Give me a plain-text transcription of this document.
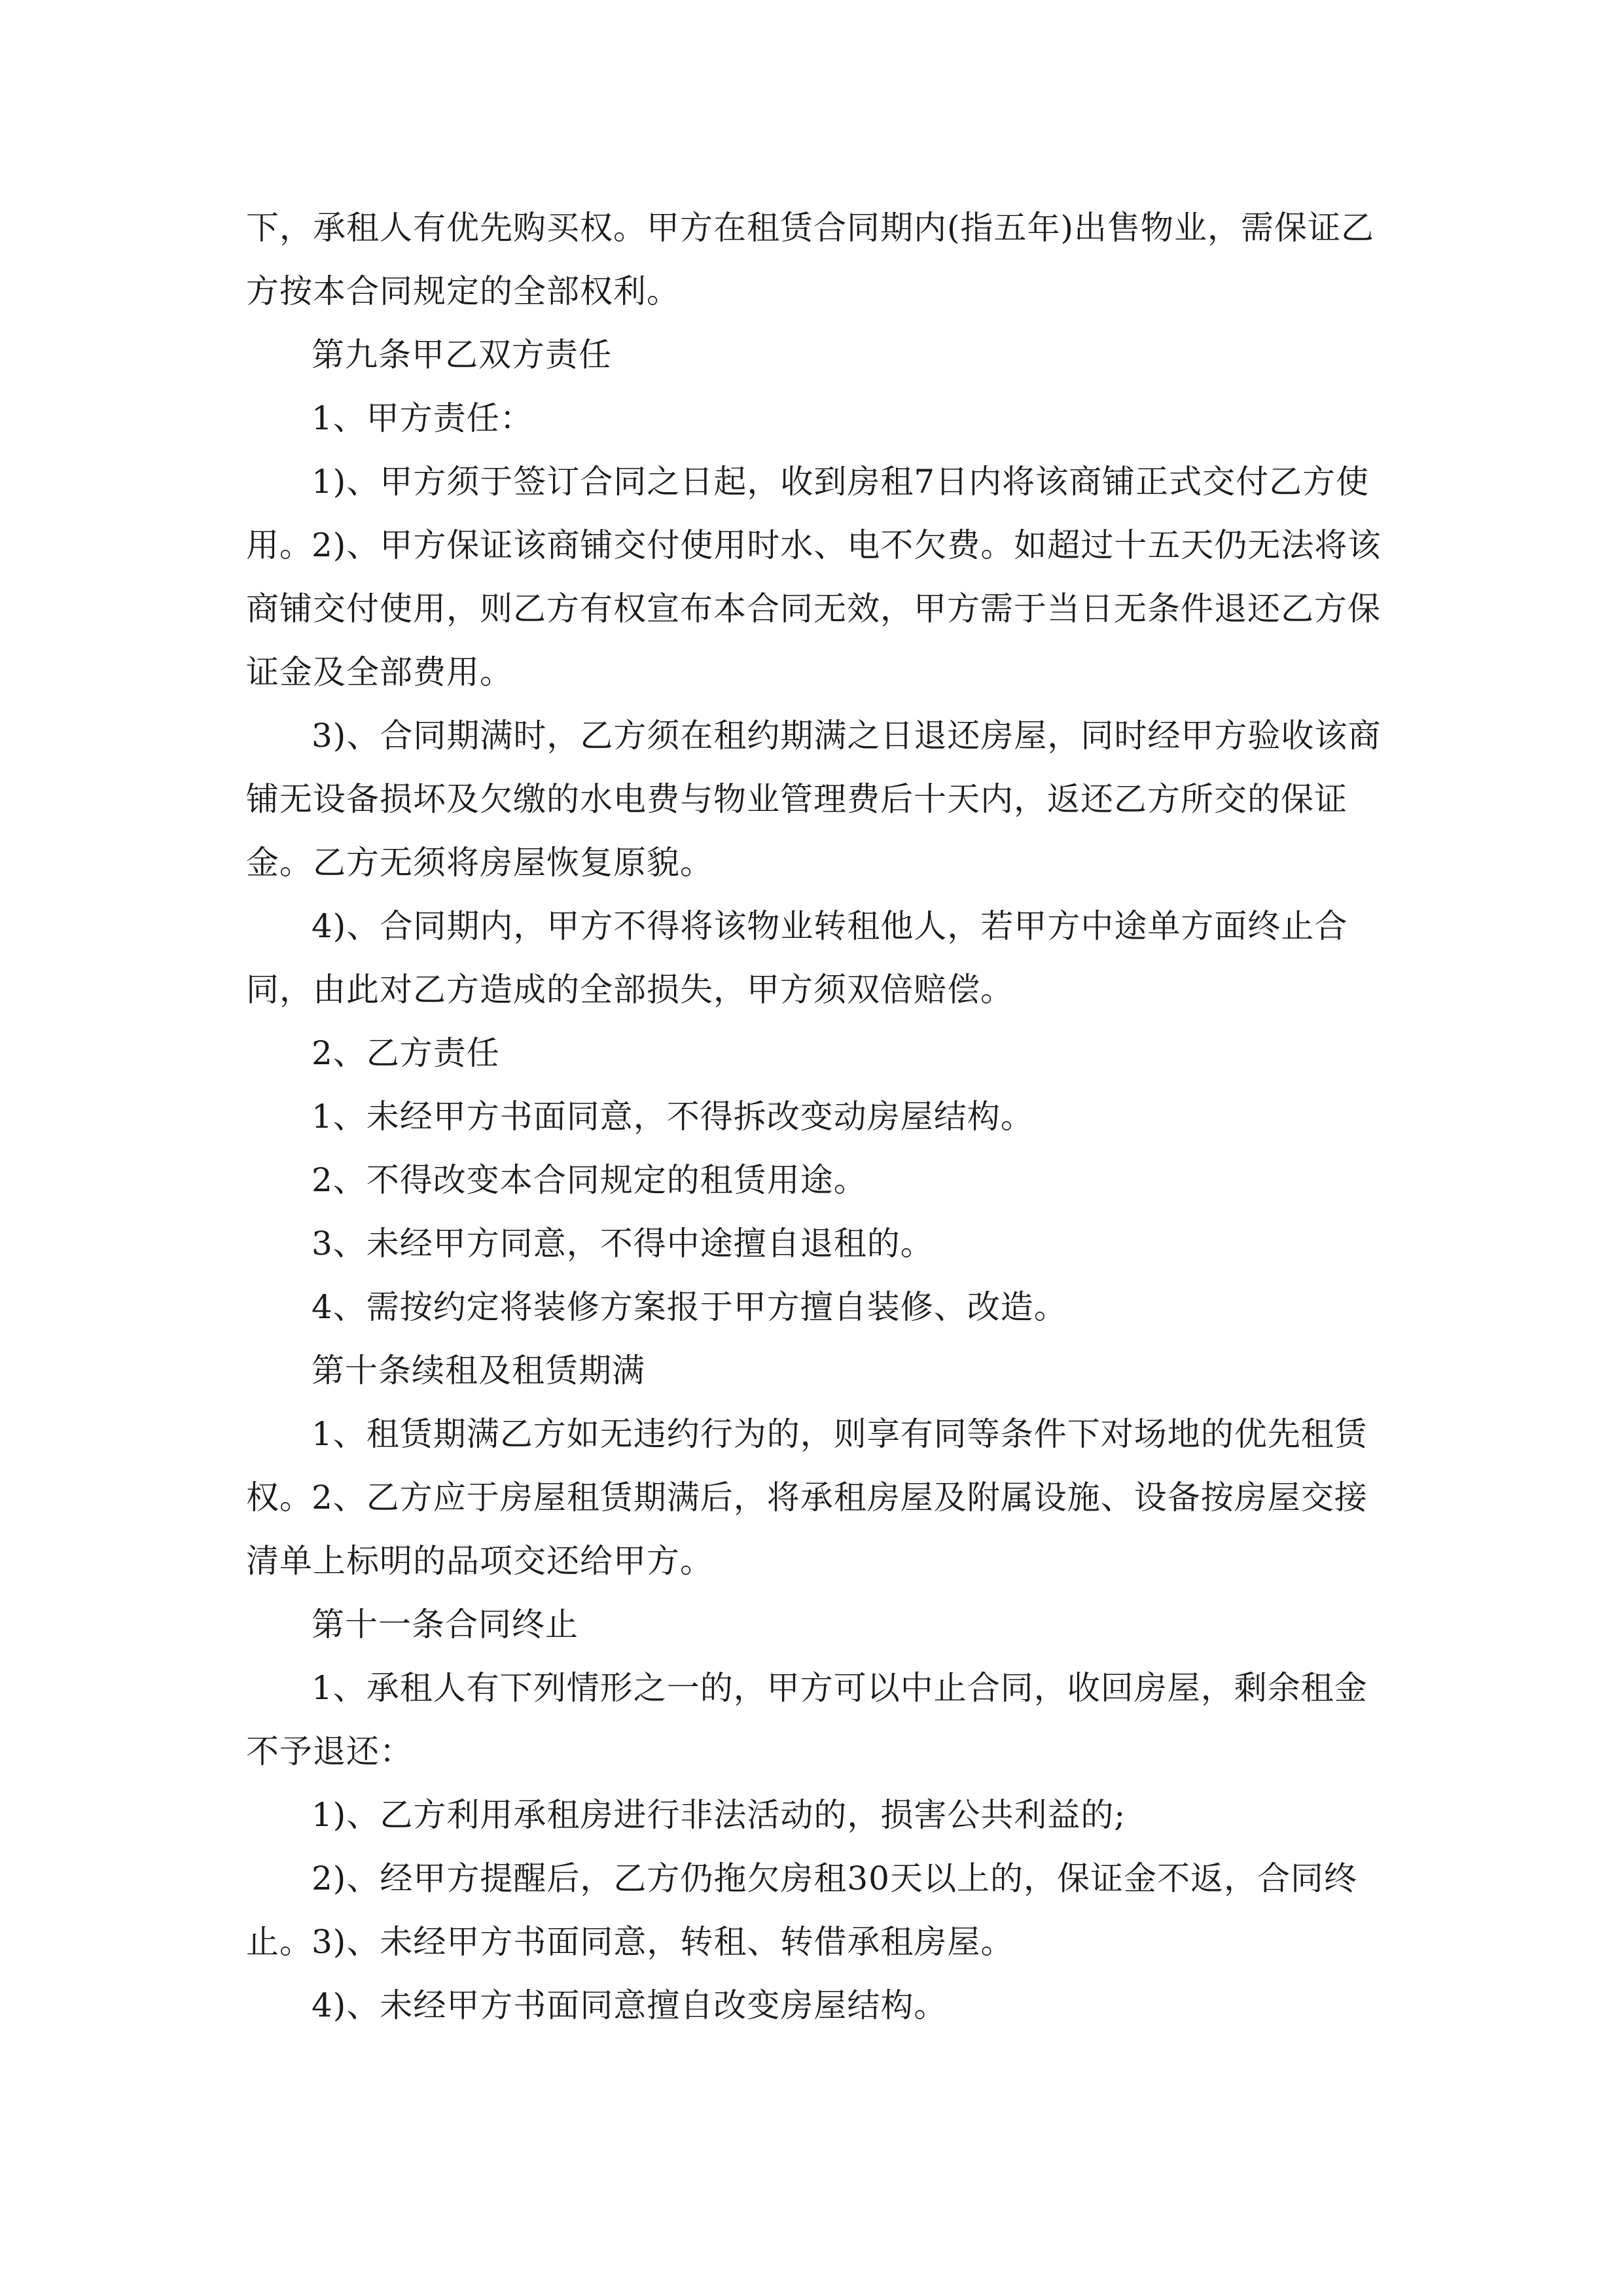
下，承租人有优先购买权。甲方在租赁合同期内(指五年)出售物业，需保证乙方按本合同规定的全部权利。

第九条甲乙双方责任

1、甲方责任：

1)、甲方须于签订合同之日起，收到房租7日内将该商铺正式交付乙方使用。

2)、甲方保证该商铺交付使用时水、电不欠费。如超过十五天仍无法将该商铺交付使用，则乙方有权宣布本合同无效，甲方需于当日无条件退还乙方保证金及全部费用。

3)、合同期满时，乙方须在租约期满之日退还房屋，同时经甲方验收该商铺无设备损坏及欠缴的水电费与物业管理费后十天内，返还乙方所交的保证金。乙方无须将房屋恢复原貌。

4)、合同期内，甲方不得将该物业转租他人，若甲方中途单方面终止合同，由此对乙方造成的全部损失，甲方须双倍赔偿。

2、乙方责任

1、未经甲方书面同意，不得拆改变动房屋结构。

2、不得改变本合同规定的租赁用途。

3、未经甲方同意，不得中途擅自退租的。

4、需按约定将装修方案报于甲方擅自装修、改造。

第十条续租及租赁期满

1、租赁期满乙方如无违约行为的，则享有同等条件下对场地的优先租赁权。

2、乙方应于房屋租赁期满后，将承租房屋及附属设施、设备按房屋交接清单上标明的品项交还给甲方。

第十一条合同终止

1、承租人有下列情形之一的，甲方可以中止合同，收回房屋，剩余租金不予退还：

1)、乙方利用承租房进行非法活动的，损害公共利益的;

2)、经甲方提醒后，乙方仍拖欠房租30天以上的，保证金不返，合同终止。

3)、未经甲方书面同意，转租、转借承租房屋。

4)、未经甲方书面同意擅自改变房屋结构。
